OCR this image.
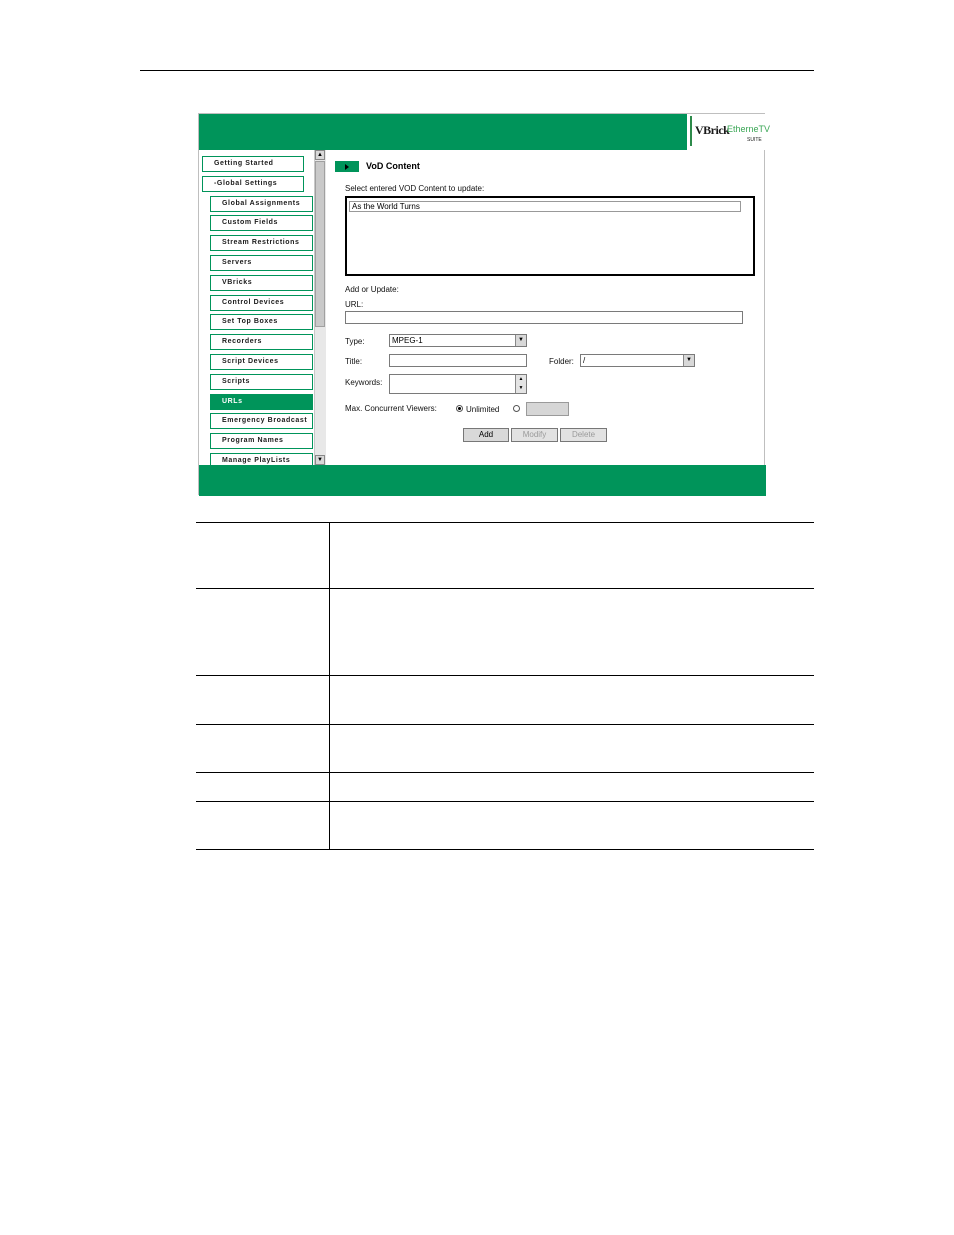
VBrick
EtherneTV
SUITE
Getting Started
-Global Settings
Global Assignments
Custom Fields
Stream Restrictions
Servers
VBricks
Control Devices
Set Top Boxes
Recorders
Script Devices
Scripts
URLs
Emergency Broadcast
Program Names
Manage PlayLists
▲
▼
VoD Content
Select entered VOD Content to update:
As the World Turns
Add or Update:
URL:
Type:	MPEG-1	▼
Title:	Folder:	/	▼
Keywords:	▲
▼
Max. Concurrent Viewers:	Unlimited
Add	Modify	Delete
